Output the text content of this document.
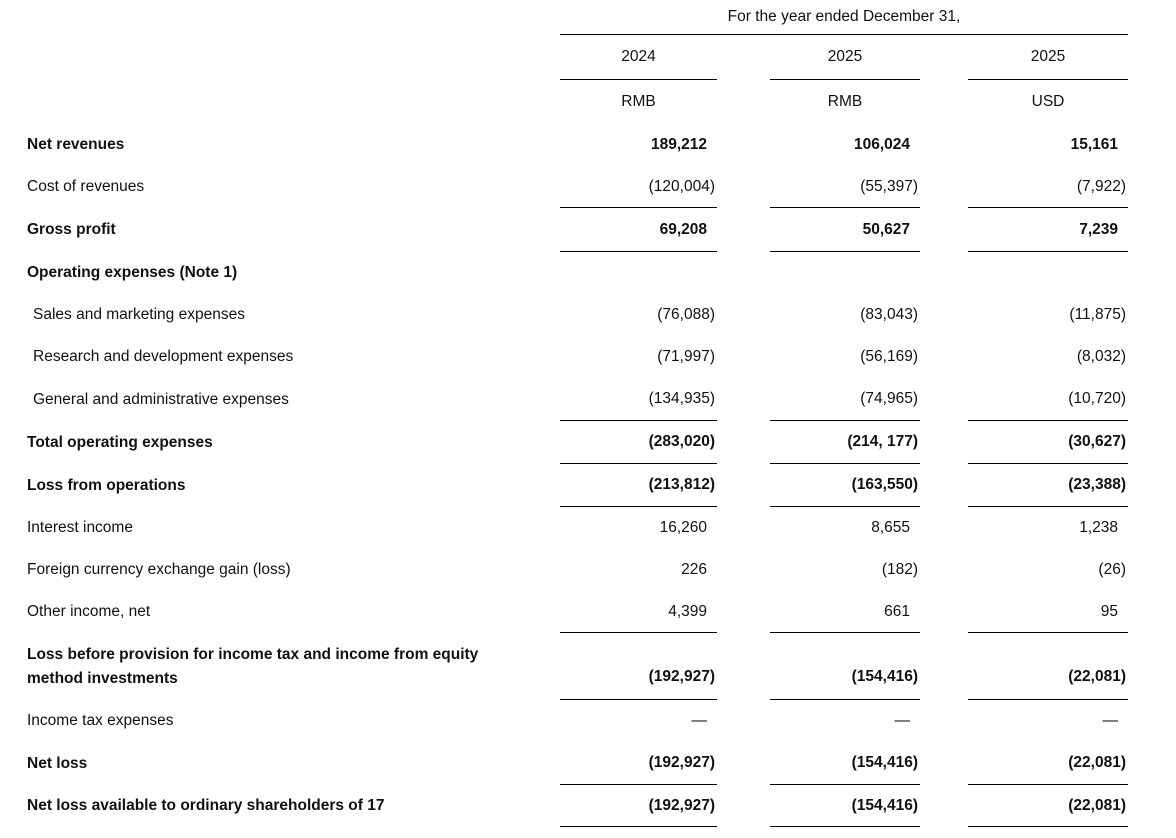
For the year ended December 31,
2024	2025	2025
RMB	RMB	USD
Net revenues	189,212	106,024	15,161
Cost of revenues	(120,004)	(55,397)	(7,922)
Gross profit	69,208	50,627	7,239
Operating expenses (Note 1)
Sales and marketing expenses	(76,088)	(83,043)	(11,875)
Research and development expenses	(71,997)	(56,169)	(8,032)
General and administrative expenses	(134,935)	(74,965)	(10,720)
Total operating expenses	(283,020)	(214, 177)	(30,627)
Loss from operations	(213,812)	(163,550)	(23,388)
Interest income	16,260	8,655	1,238
Foreign currency exchange gain (loss)	226	(182)	(26)
Other income, net	4,399	661	95
Loss before provision for income tax and income from equity method investments	(192,927)	(154,416)	(22,081)
Income tax expenses	—	—	—
Net loss	(192,927)	(154,416)	(22,081)
Net loss available to ordinary shareholders of 17	(192,927)	(154,416)	(22,081)
